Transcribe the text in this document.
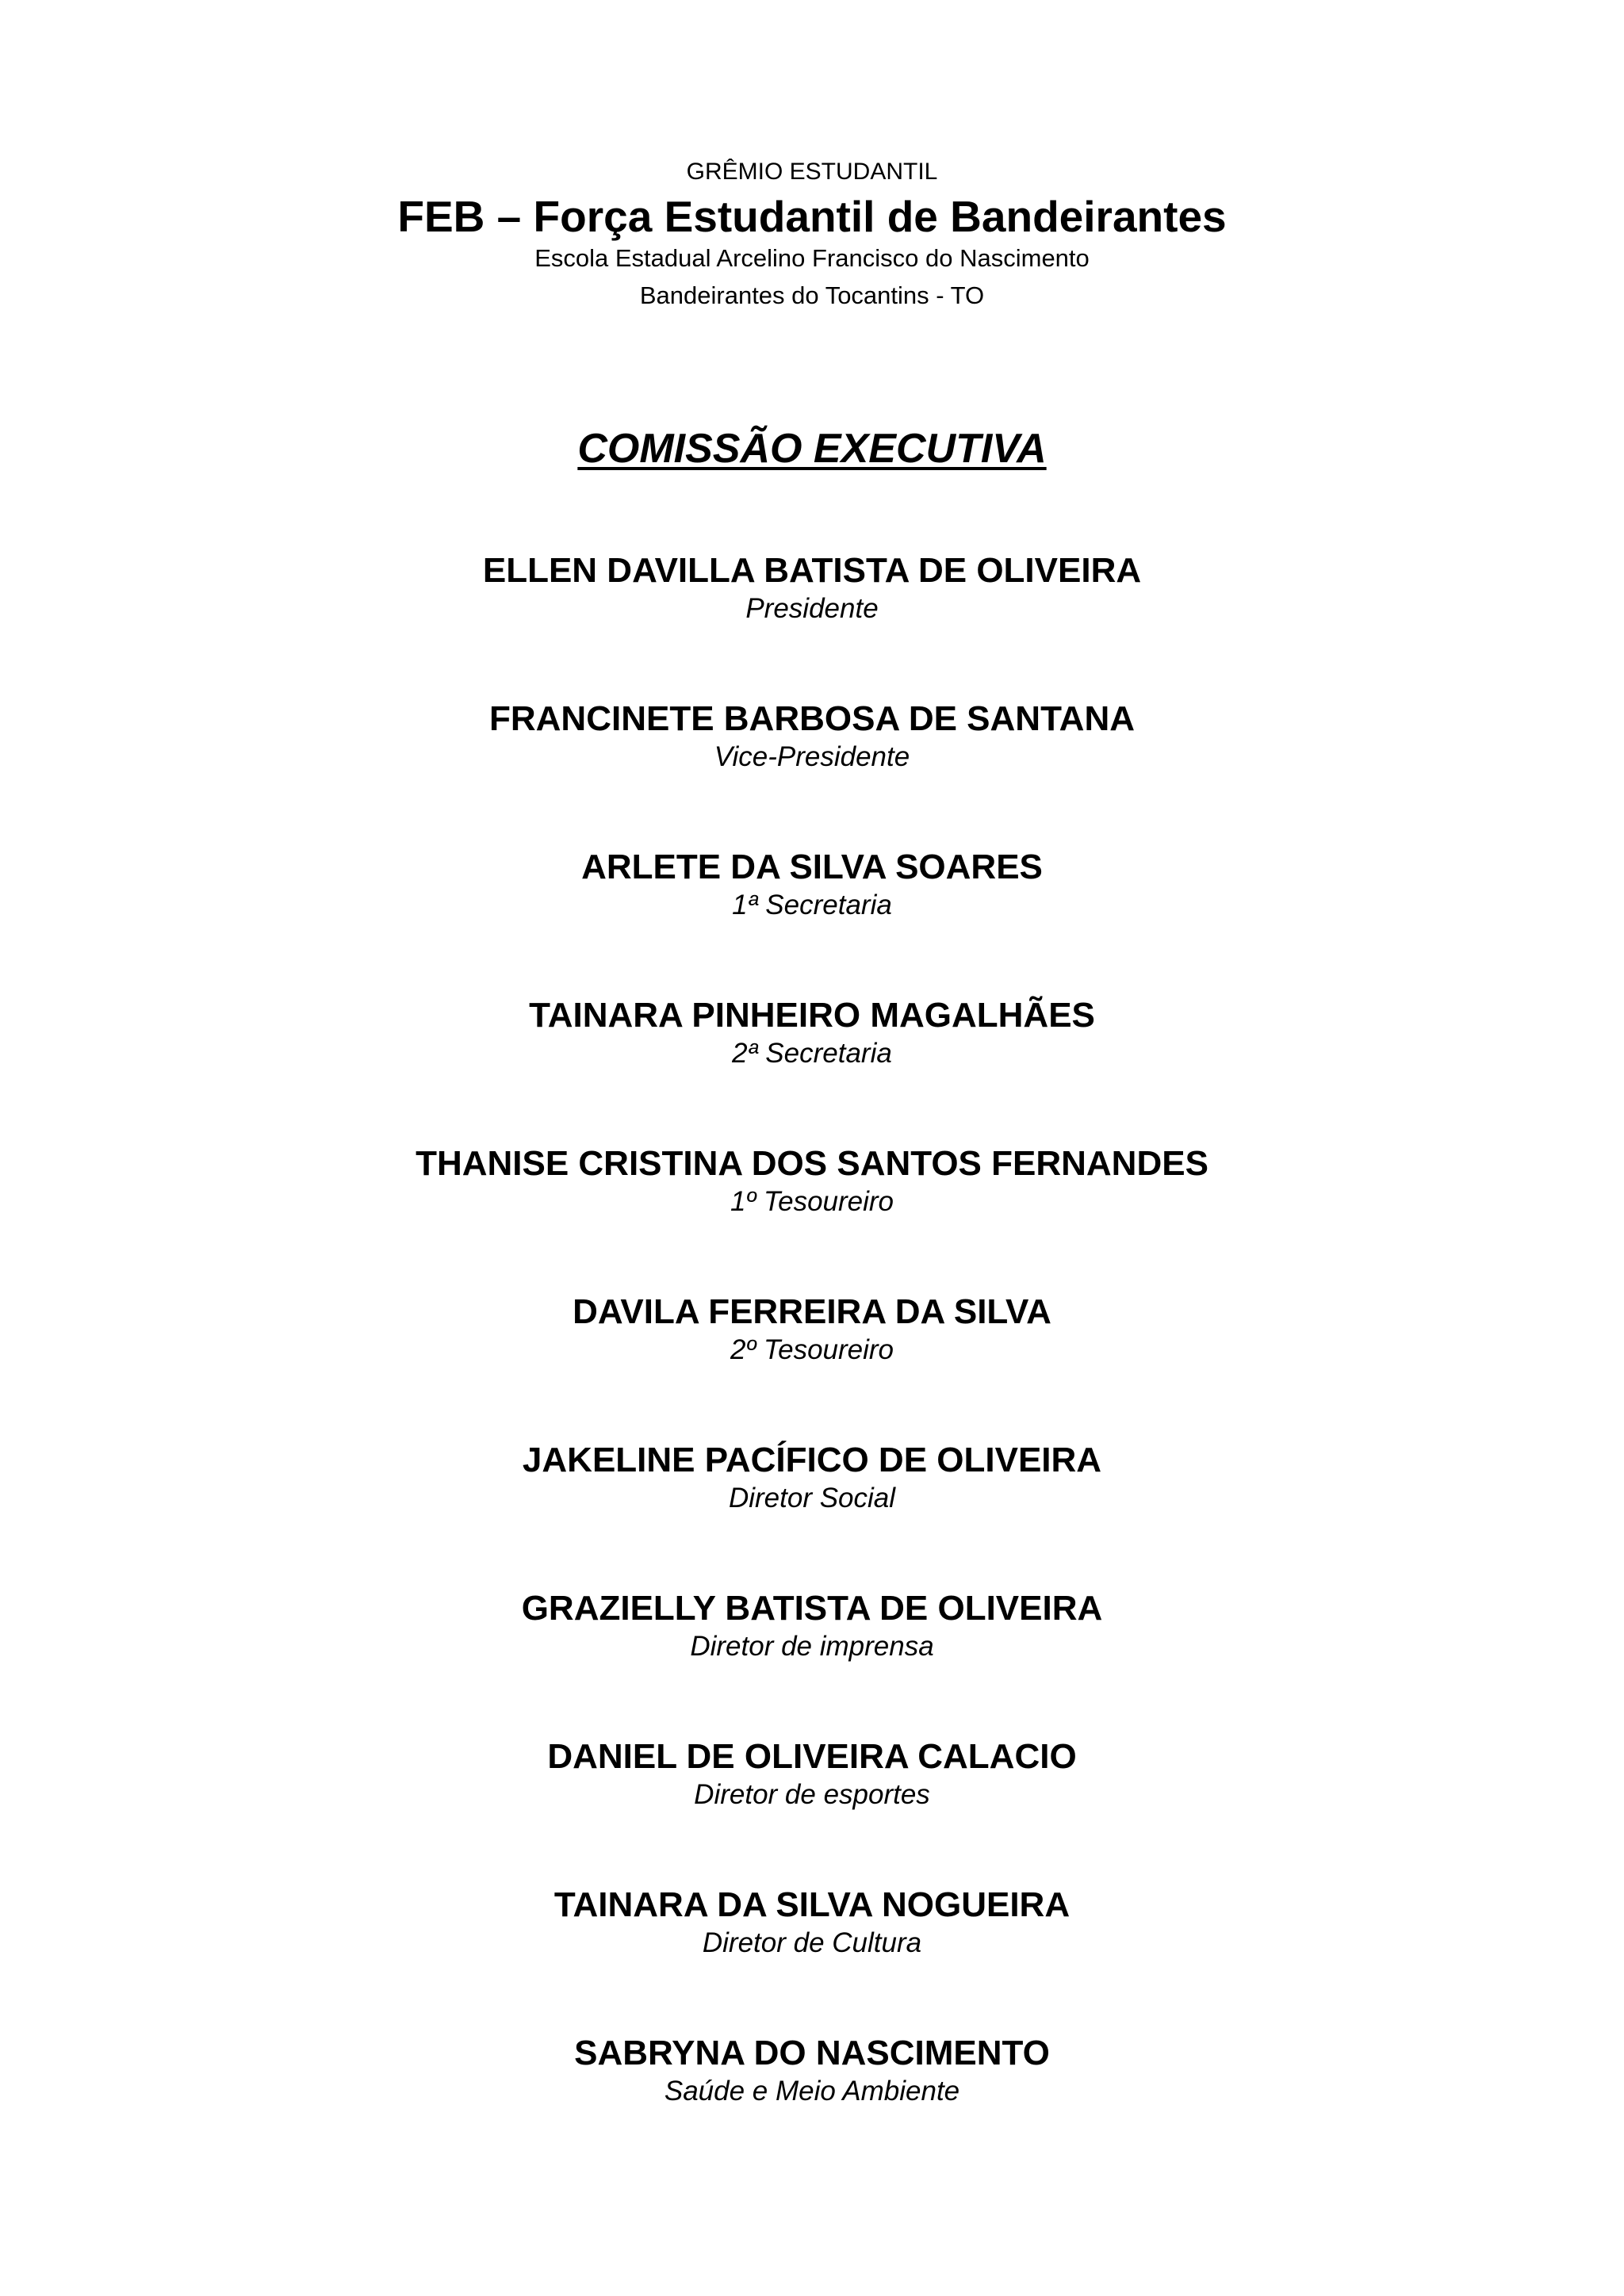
GRÊMIO ESTUDANTIL
FEB – Força Estudantil de Bandeirantes
Escola Estadual Arcelino Francisco do Nascimento
Bandeirantes do Tocantins - TO
COMISSÃO EXECUTIVA
ELLEN DAVILLA BATISTA DE OLIVEIRA
Presidente
FRANCINETE BARBOSA DE SANTANA
Vice-Presidente
ARLETE DA SILVA SOARES
1ª Secretaria
TAINARA PINHEIRO MAGALHÃES
2ª Secretaria
THANISE CRISTINA DOS SANTOS FERNANDES
1º Tesoureiro
DAVILA FERREIRA DA SILVA
2º Tesoureiro
JAKELINE PACÍFICO DE OLIVEIRA
Diretor Social
GRAZIELLY BATISTA DE OLIVEIRA
Diretor de imprensa
DANIEL DE OLIVEIRA CALACIO
Diretor de esportes
TAINARA DA SILVA NOGUEIRA
Diretor de Cultura
SABRYNA DO NASCIMENTO
Saúde e Meio Ambiente
